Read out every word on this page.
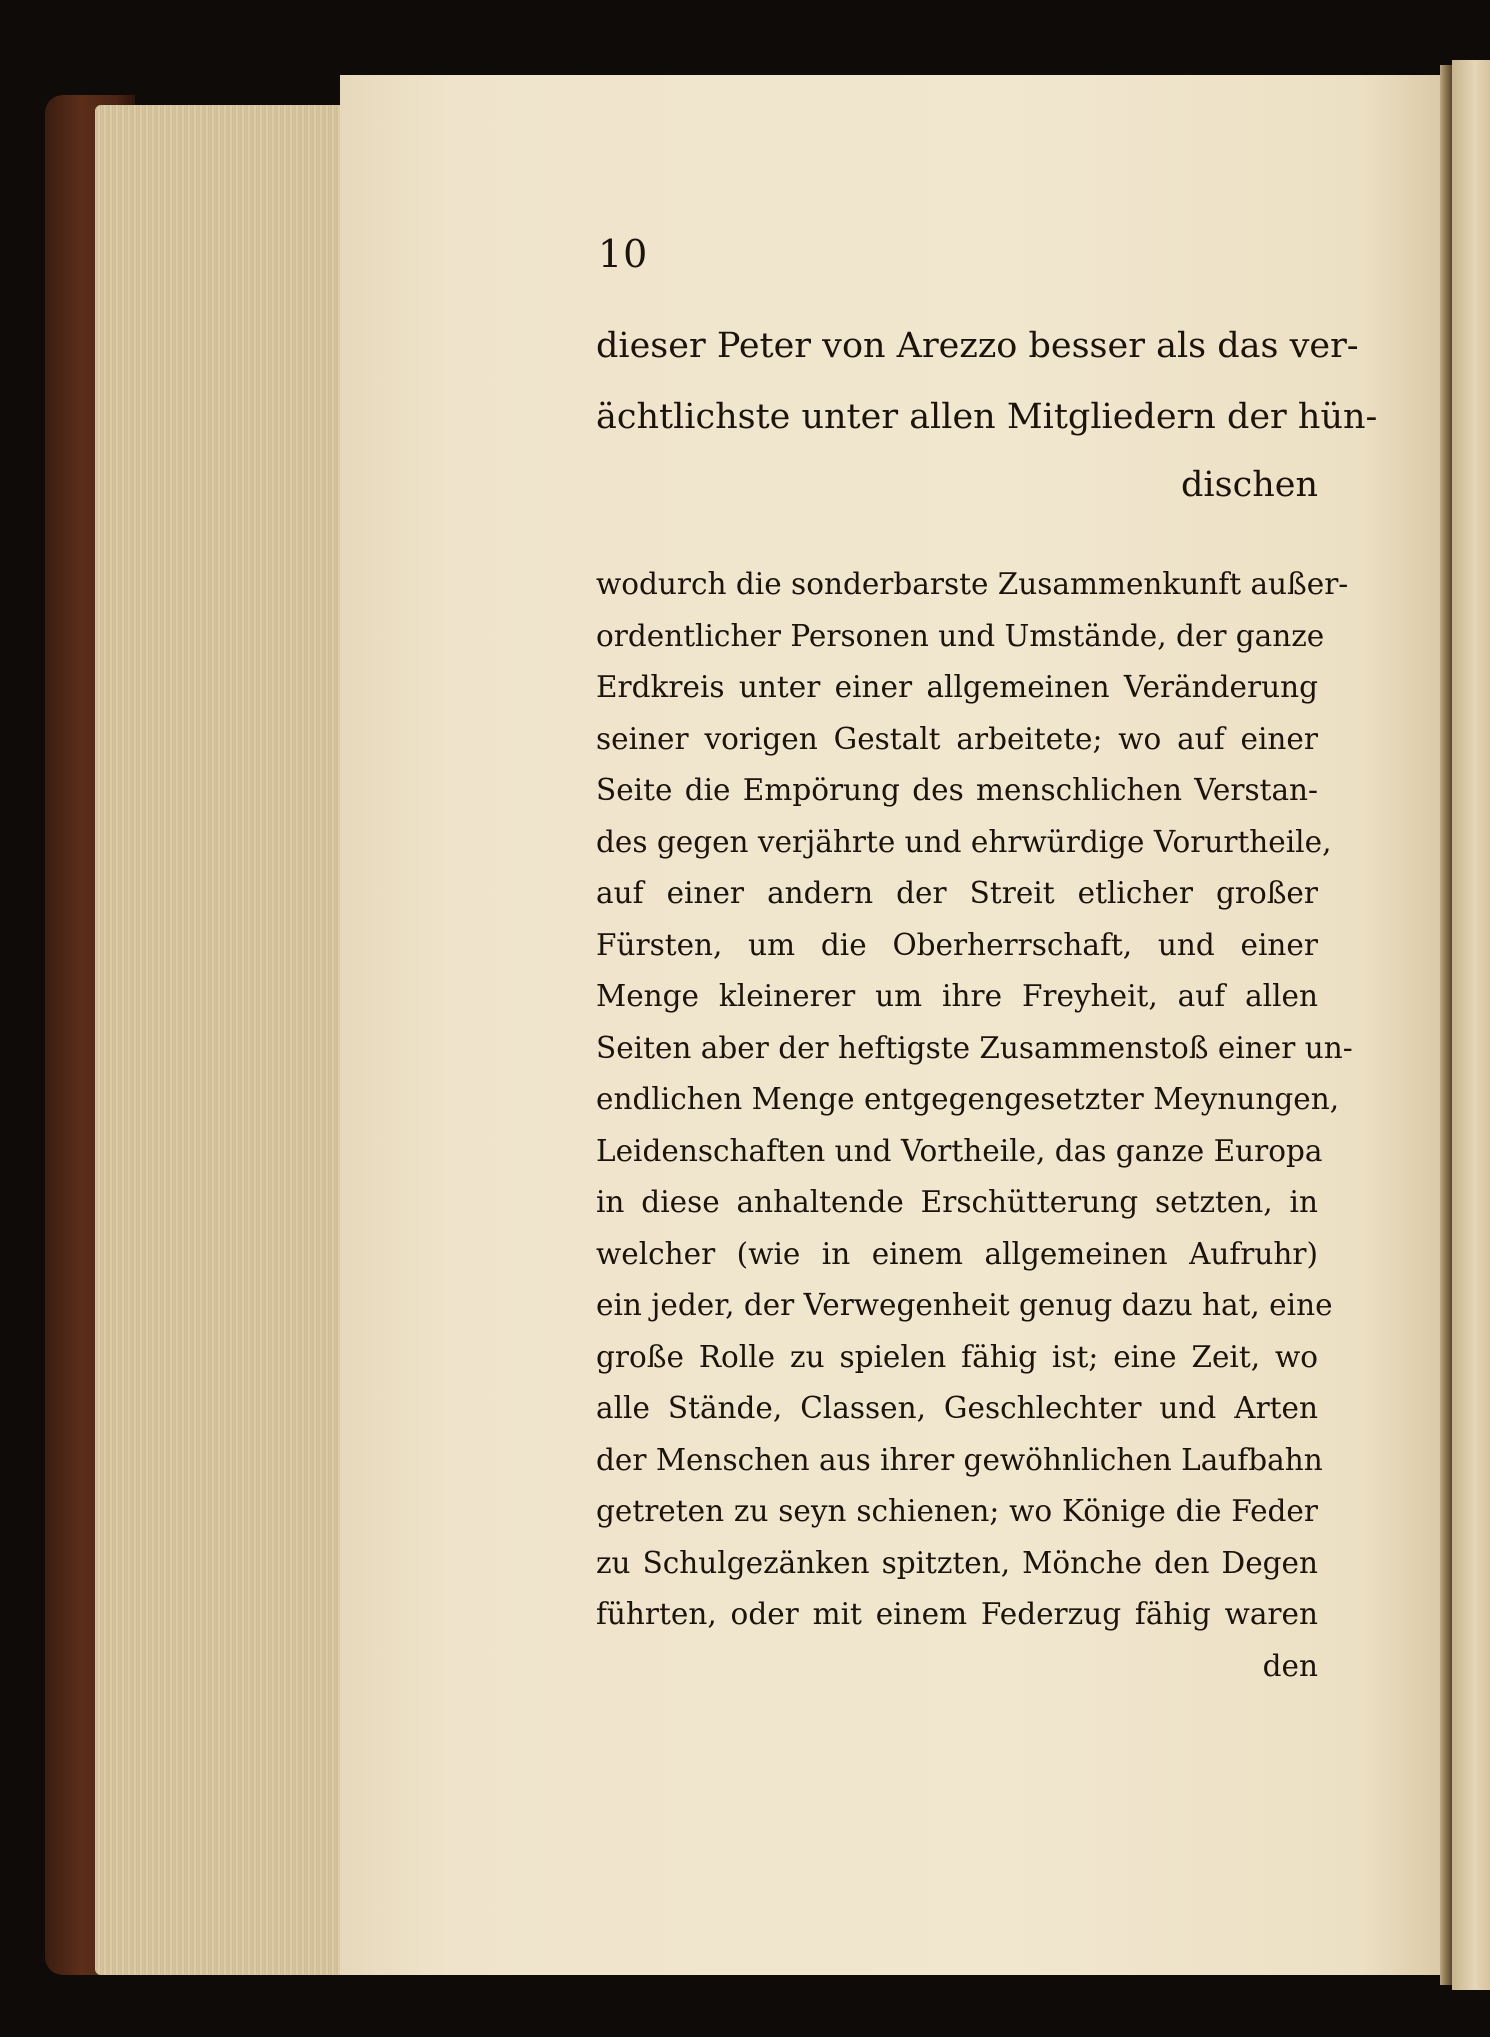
10

dieser Peter von Arezzo besser als das ver-

ächtlichste unter allen Mitgliedern der hün-

dischen

wodurch die sonderbarste Zusammenkunft außer-

ordentlicher Personen und Umstände, der ganze

Erdkreis unter einer allgemeinen Veränderung

seiner vorigen Gestalt arbeitete; wo auf einer

Seite die Empörung des menschlichen Verstan-

des gegen verjährte und ehrwürdige Vorurtheile,

auf einer andern der Streit etlicher großer

Fürsten, um die Oberherrschaft, und einer

Menge kleinerer um ihre Freyheit, auf allen

Seiten aber der heftigste Zusammenstoß einer un-

endlichen Menge entgegengesetzter Meynungen,

Leidenschaften und Vortheile, das ganze Europa

in diese anhaltende Erschütterung setzten, in

welcher (wie in einem allgemeinen Aufruhr)

ein jeder, der Verwegenheit genug dazu hat, eine

große Rolle zu spielen fähig ist; eine Zeit, wo

alle Stände, Classen, Geschlechter und Arten

der Menschen aus ihrer gewöhnlichen Laufbahn

getreten zu seyn schienen; wo Könige die Feder

zu Schulgezänken spitzten, Mönche den Degen

führten, oder mit einem Federzug fähig waren

den
